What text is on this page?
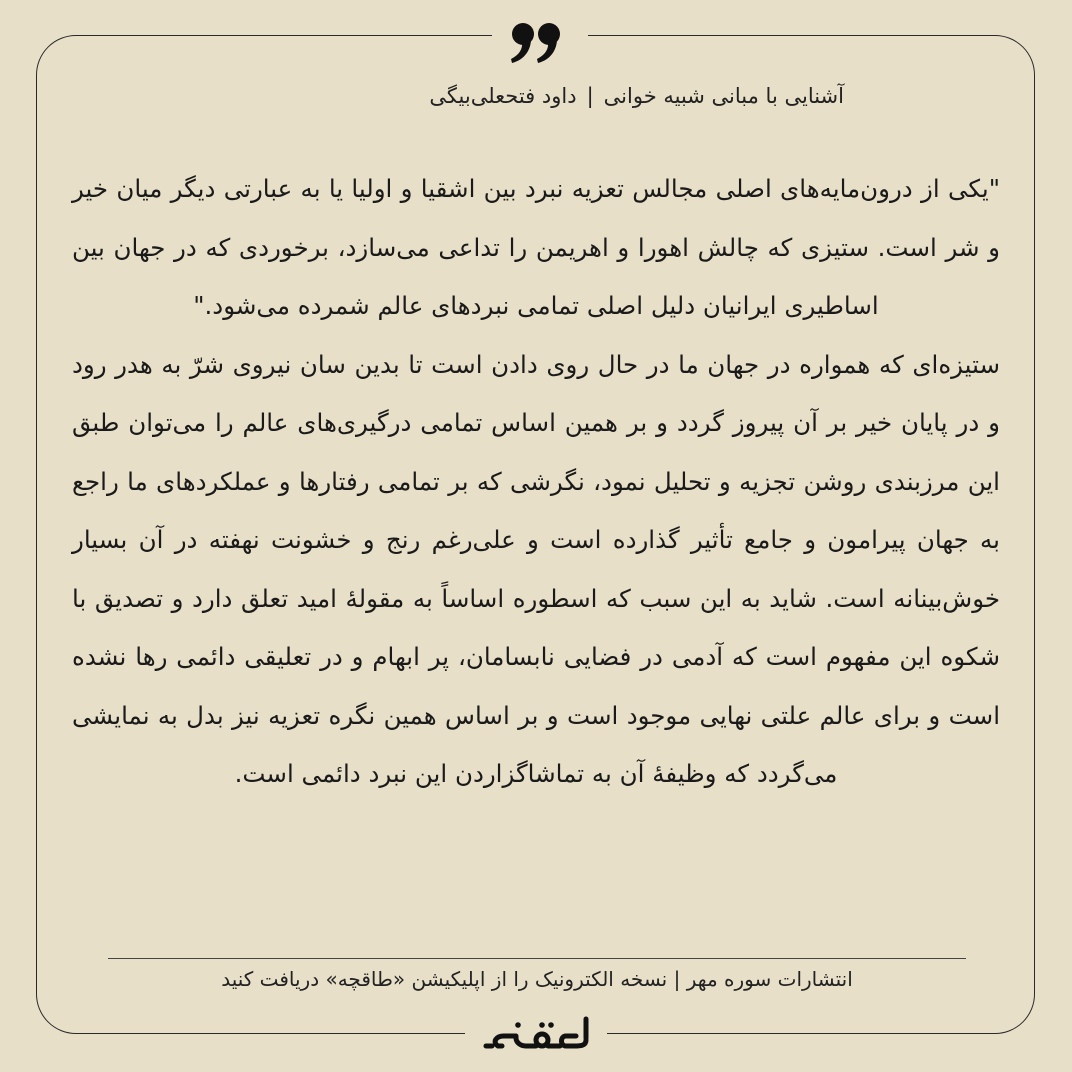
آشنایی با مبانی شبیه خوانی|داود فتحعلی‌بیگی

"یکی از درون‌مایه‌های اصلی مجالس تعزیه نبرد بین اشقیا و اولیا یا به عبارتی دیگر میان خیر و شر است. ستیزی که چالش اهورا و اهریمن را تداعی می‌سازد، برخوردی که در جهان بین اساطیری ایرانیان دلیل اصلی تمامی نبردهای عالم شمرده می‌شود."

ستیزه‌ای که همواره در جهان ما در حال روی دادن است تا بدین سان نیروی شرّ به هدر رود و در پایان خیر بر آن پیروز گردد و بر همین اساس تمامی درگیری‌های عالم را می‌توان طبق این مرزبندی روشن تجزیه و تحلیل نمود، نگرشی که بر تمامی رفتارها و عملکردهای ما راجع به جهان پیرامون و جامع تأثیر گذارده است و علی‌رغم رنج و خشونت نهفته در آن بسیار خوش‌بینانه است. شاید به این سبب که اسطوره اساساً به مقولهٔ امید تعلق دارد و تصدیق با شکوه این مفهوم است که آدمی در فضایی نابسامان، پر ابهام و در تعلیقی دائمی رها نشده است و برای عالم علتی نهایی موجود است و بر اساس همین نگره تعزیه نیز بدل به نمایشی می‌گردد که وظیفهٔ آن به تماشاگزاردن این نبرد دائمی است.

انتشارات سوره مهر | نسخه الکترونیک را از اپلیکیشن «طاقچه» دریافت کنید
